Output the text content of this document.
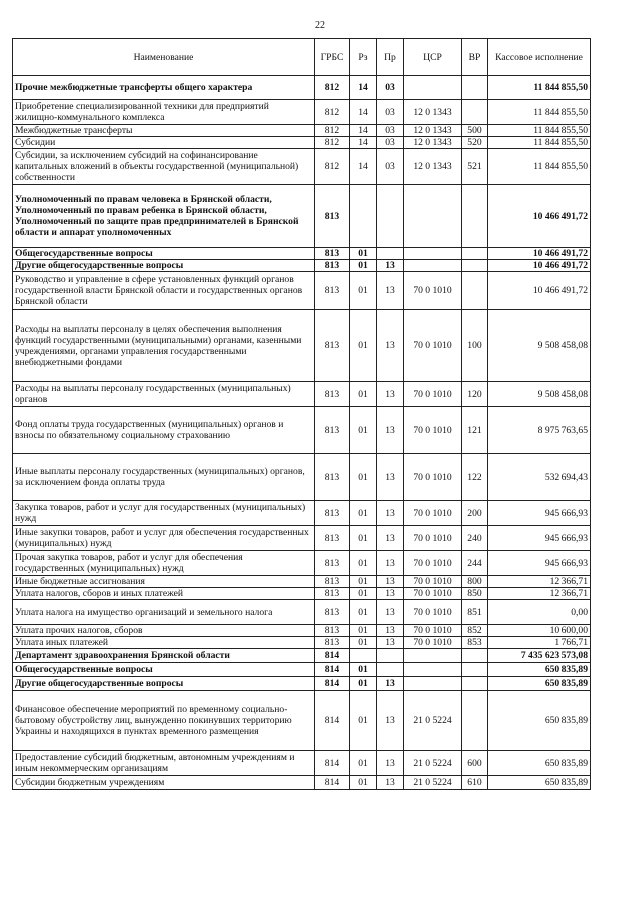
22
Наименование	ГРБС	Рз	Пр	ЦСР	ВР	Кассовое исполнение
Прочие межбюджетные трансферты общего характера	812	14	03			11 844 855,50
Приобретение специализированной техники для предприятий жилищно-коммунального комплекса	812	14	03	12 0 1343		11 844 855,50
Межбюджетные трансферты	812	14	03	12 0 1343	500	11 844 855,50
Субсидии	812	14	03	12 0 1343	520	11 844 855,50
Субсидии, за исключением субсидий на софинансирование капитальных вложений в объекты государственной (муниципальной) собственности	812	14	03	12 0 1343	521	11 844 855,50
Уполномоченный по правам человека в Брянской области, Уполномоченный по правам ребенка в Брянской области, Уполномоченный по защите прав предпринимателей в Брянской области и аппарат уполномоченных	813					10 466 491,72
Общегосударственные вопросы	813	01				10 466 491,72
Другие общегосударственные вопросы	813	01	13			10 466 491,72
Руководство и управление в сфере установленных функций органов государственной власти Брянской области и государственных органов Брянской области	813	01	13	70 0 1010		10 466 491,72
Расходы на выплаты персоналу в целях обеспечения выполнения функций государственными (муниципальными) органами, казенными учреждениями, органами управления государственными внебюджетными фондами	813	01	13	70 0 1010	100	9 508 458,08
Расходы на выплаты персоналу государственных (муниципальных) органов	813	01	13	70 0 1010	120	9 508 458,08
Фонд оплаты труда государственных (муниципальных) органов и взносы по обязательному социальному страхованию	813	01	13	70 0 1010	121	8 975 763,65
Иные выплаты персоналу государственных (муниципальных) органов, за исключением фонда оплаты труда	813	01	13	70 0 1010	122	532 694,43
Закупка товаров, работ и услуг для государственных (муниципальных) нужд	813	01	13	70 0 1010	200	945 666,93
Иные закупки товаров, работ и услуг для обеспечения государственных (муниципальных) нужд	813	01	13	70 0 1010	240	945 666,93
Прочая закупка товаров, работ и услуг для обеспечения государственных (муниципальных) нужд	813	01	13	70 0 1010	244	945 666,93
Иные бюджетные ассигнования	813	01	13	70 0 1010	800	12 366,71
Уплата налогов, сборов и иных платежей	813	01	13	70 0 1010	850	12 366,71
Уплата налога на имущество организаций и земельного налога	813	01	13	70 0 1010	851	0,00
Уплата прочих налогов, сборов	813	01	13	70 0 1010	852	10 600,00
Уплата иных платежей	813	01	13	70 0 1010	853	1 766,71
Департамент здравоохранения Брянской области	814					7 435 623 573,08
Общегосударственные вопросы	814	01				650 835,89
Другие общегосударственные вопросы	814	01	13			650 835,89
Финансовое обеспечение мероприятий по временному социально-бытовому обустройству лиц, вынужденно покинувших территорию Украины и находящихся в пунктах временного размещения	814	01	13	21 0 5224		650 835,89
Предоставление субсидий бюджетным, автономным учреждениям и иным некоммерческим организациям	814	01	13	21 0 5224	600	650 835,89
Субсидии бюджетным учреждениям	814	01	13	21 0 5224	610	650 835,89
